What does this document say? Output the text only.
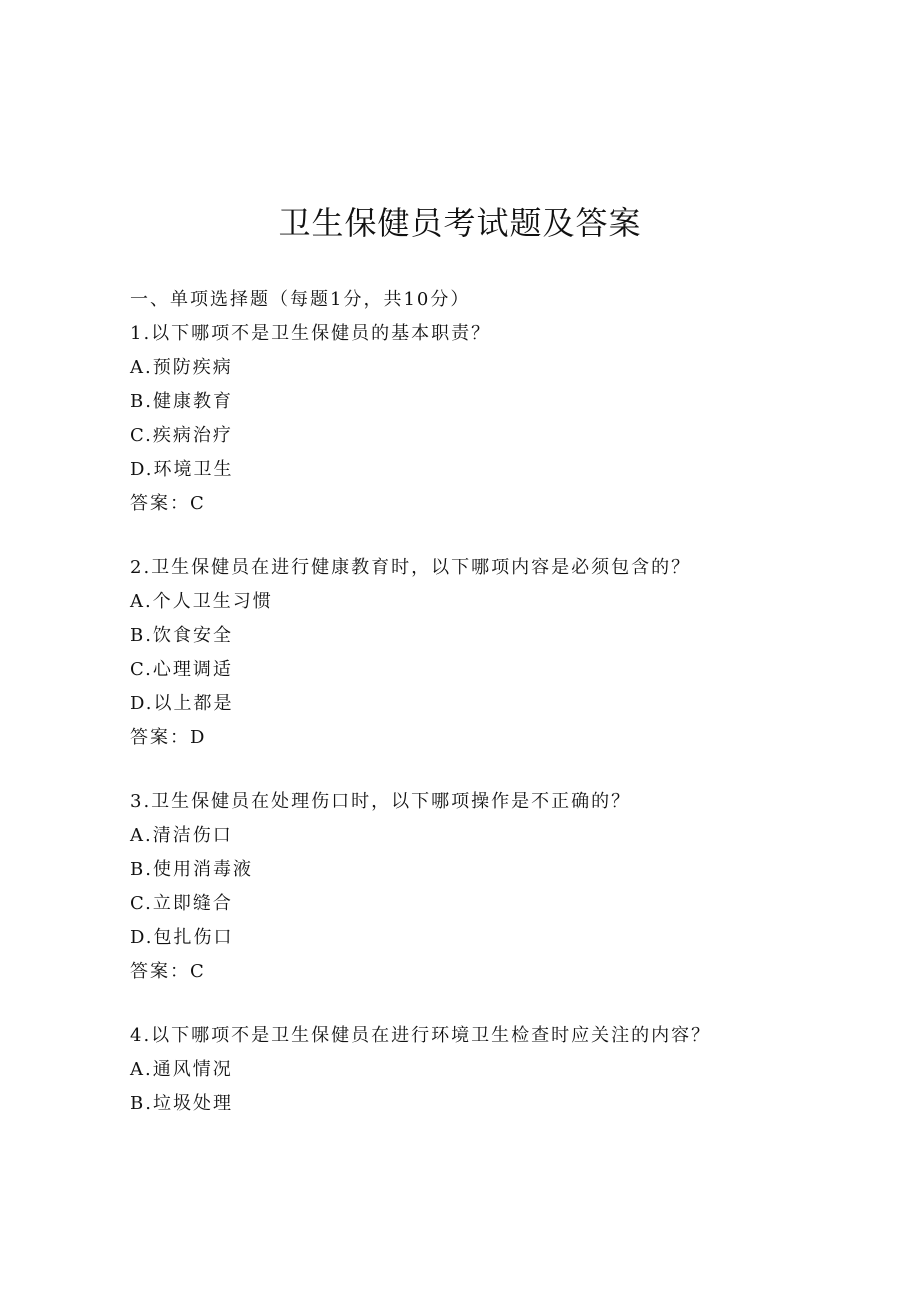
卫生保健员考试题及答案
一、单项选择题（每题1分，共10分）
1.以下哪项不是卫生保健员的基本职责？
A.预防疾病
B.健康教育
C.疾病治疗
D.环境卫生
答案：C
2.卫生保健员在进行健康教育时，以下哪项内容是必须包含的？
A.个人卫生习惯
B.饮食安全
C.心理调适
D.以上都是
答案：D
3.卫生保健员在处理伤口时，以下哪项操作是不正确的？
A.清洁伤口
B.使用消毒液
C.立即缝合
D.包扎伤口
答案：C
4.以下哪项不是卫生保健员在进行环境卫生检查时应关注的内容？
A.通风情况
B.垃圾处理
